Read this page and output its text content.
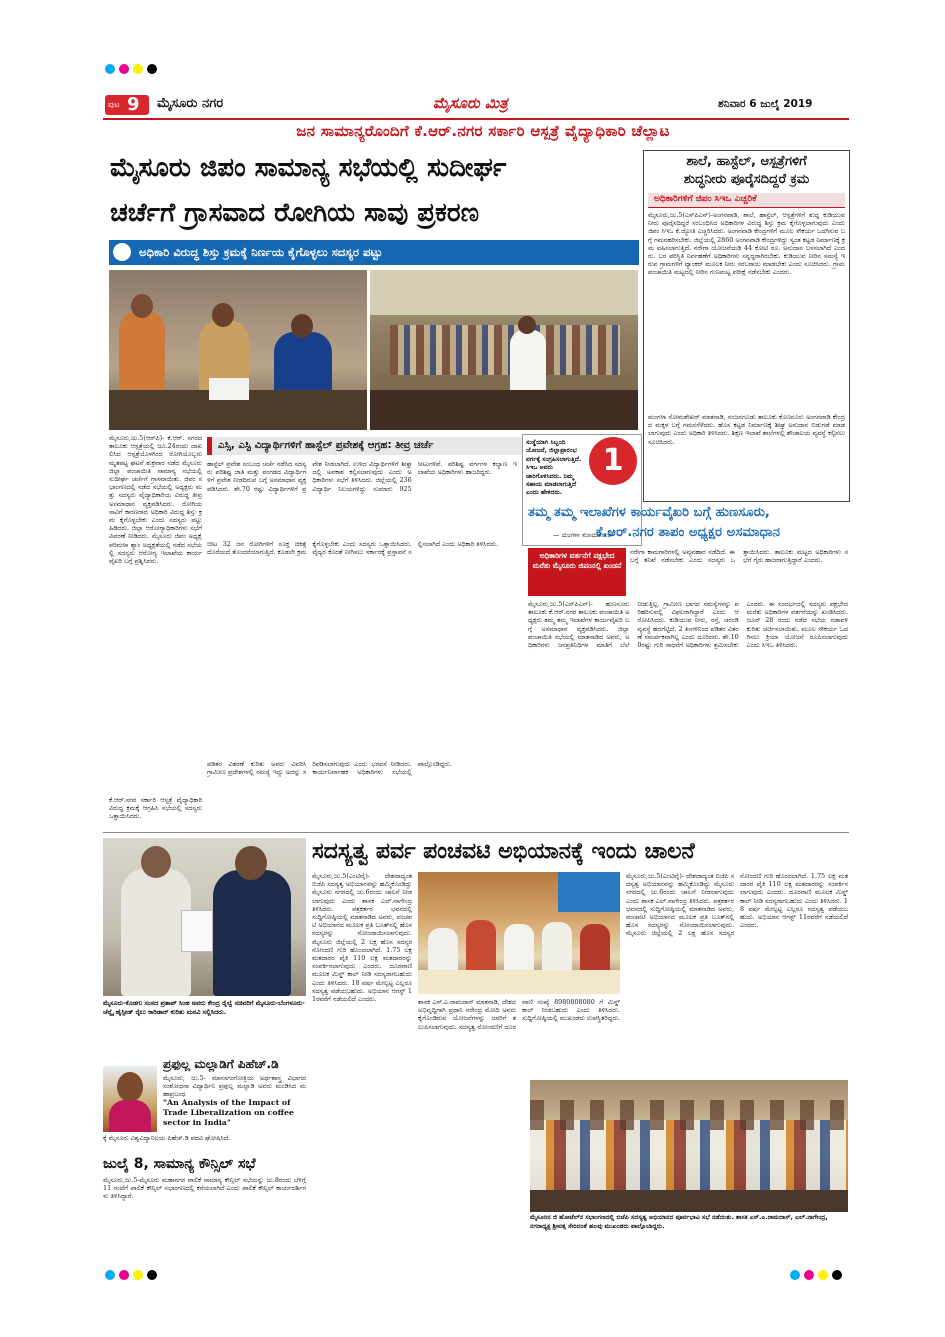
ಪುಟ 9 ಮೈಸೂರು ನಗರ	ಮೈಸೂರು ಮಿತ್ರ	ಶನಿವಾರ 6 ಜುಲೈ 2019
ಜನ ಸಾಮಾನ್ಯರೊಂದಿಗೆ ಕೆ.ಆರ್.ನಗರ ಸರ್ಕಾರಿ ಆಸ್ಪತ್ರೆ ವೈದ್ಯಾಧಿಕಾರಿ ಚೆಲ್ಲಾಟ
ಮೈಸೂರು ಜಿಪಂ ಸಾಮಾನ್ಯ ಸಭೆಯಲ್ಲಿ ಸುದೀರ್ಘ
ಚರ್ಚೆಗೆ ಗ್ರಾಸವಾದ ರೋಗಿಯ ಸಾವು ಪ್ರಕರಣ
ಅಧಿಕಾರಿ ವಿರುದ್ಧ ಶಿಸ್ತು ಕ್ರಮಕ್ಕೆ ನಿರ್ಣಯ ಕೈಗೊಳ್ಳಲು ಸದಸ್ಯರ ಪಟ್ಟು
ಮೈಸೂರು,ಜು.5(ಆರ್‌ಪಿ)- ಕೆ.ಆರ್. ನಗರದ ತಾಲೂಕು ಆಸ್ಪತ್ರೆಯಲ್ಲಿ ಜೂ.24ರಂದು ದಾಖಲಿಸಿದ ಆಸ್ಪತ್ರೆಯೊಳಗಿಂದ ರೋಗಿಯೊಬ್ಬರು ಮೃತಪಟ್ಟ ಘಟನೆ ಶುಕ್ರವಾರ ನಡೆದ ಮೈಸೂರು ಜಿಲ್ಲಾ ಪಂಚಾಯಿತಿ ಸಾಮಾನ್ಯ ಸಭೆಯಲ್ಲಿ ಸುದೀರ್ಘ ಚರ್ಚೆಗೆ ಗ್ರಾಸವಾಯಿತು. ಜಿಪಂ ಸಭಾಂಗಣದಲ್ಲಿ ನಡೆದ ಸಭೆಯಲ್ಲಿ ಅಧ್ಯಕ್ಷರು ಮತ್ತು ಸದಸ್ಯರು ವೈದ್ಯಾಧಿಕಾರಿಯ ವಿರುದ್ಧ ತೀವ್ರ ಅಸಮಾಧಾನ ವ್ಯಕ್ತಪಡಿಸಿದರು. ರೋಗಿಯ ಸಾವಿಗೆ ಕಾರಣರಾದ ಅಧಿಕಾರಿ ವಿರುದ್ಧ ಶಿಸ್ತು ಕ್ರಮ ಕೈಗೊಳ್ಳಬೇಕು ಎಂದು ಸದಸ್ಯರು ಪಟ್ಟು ಹಿಡಿದರು. ಜಿಲ್ಲಾ ಆರೋಗ್ಯಾಧಿಕಾರಿಗಳು ಸಭೆಗೆ ವಿವರಣೆ ನೀಡಿದರು. ಮೈಸೂರು ಜಿಪಂ ಅಧ್ಯಕ್ಷೆ ಪರಿಮಳಾ ಶ್ಯಾಂ ಅಧ್ಯಕ್ಷತೆಯಲ್ಲಿ ನಡೆದ ಸಭೆಯಲ್ಲಿ ಸದಸ್ಯರು ಆರೋಗ್ಯ ಇಲಾಖೆಯ ಕಾರ್ಯವೈಖರಿ ಬಗ್ಗೆ ಪ್ರಶ್ನಿಸಿದರು.
ಕೆ.ಆರ್.ನಗರ ಸರ್ಕಾರಿ ಆಸ್ಪತ್ರೆ ವೈದ್ಯಾಧಿಕಾರಿ ವಿರುದ್ಧ ಕ್ರಮಕ್ಕೆ ಆಗ್ರಹಿಸಿ ಸಭೆಯಲ್ಲಿ ಸದಸ್ಯರು ಒತ್ತಾಯಿಸಿದರು.
ಎಸ್ಸಿ, ಎಸ್ಟಿ ವಿದ್ಯಾರ್ಥಿಗಳಿಗೆ ಹಾಸ್ಟೆಲ್ ಪ್ರವೇಶಕ್ಕೆ ಆಗ್ರಹ: ತೀವ್ರ ಚರ್ಚೆ
ಹಾಸ್ಟೆಲ್ ಪ್ರವೇಶ ಸಂಬಂಧ ಚರ್ಚೆ ನಡೆಸಿದ ಸದಸ್ಯರು ಪರಿಶಿಷ್ಟ ಜಾತಿ ಮತ್ತು ಪಂಗಡದ ವಿದ್ಯಾರ್ಥಿಗಳಿಗೆ ಪ್ರವೇಶ ನೀಡದಿರುವ ಬಗ್ಗೆ ಅಸಮಾಧಾನ ವ್ಯಕ್ತಪಡಿಸಿದರು. ಶೇ.70 ರಷ್ಟು ವಿದ್ಯಾರ್ಥಿಗಳಿಗೆ ಪ್ರವೇಶ ನೀಡಲಾಗಿದೆ. ಉಳಿದ ವಿದ್ಯಾರ್ಥಿಗಳಿಗೆ ಶೀಘ್ರದಲ್ಲಿ ಅವಕಾಶ ಕಲ್ಪಿಸಲಾಗುವುದು ಎಂದು ಅಧಿಕಾರಿಗಳು ಸಭೆಗೆ ತಿಳಿಸಿದರು. ಜಿಲ್ಲೆಯಲ್ಲಿ 236 ವಿದ್ಯಾರ್ಥಿ ನಿಲಯಗಳಿದ್ದು ಸುಮಾರು 925 ಸೀಟುಗಳಿವೆ. ಪರಿಶಿಷ್ಟ ವರ್ಗಗಳ ಕಲ್ಯಾಣ ಇಲಾಖೆಯ ಅಧಿಕಾರಿಗಳು ಹಾಜರಿದ್ದರು.
ಬೀಟ 32 ಜನ ರೋಗಿಗಳಿಗೆ ಸೂಕ್ತ ಚಿಕಿತ್ಸೆ ದೊರೆಯದೆ ತೊಂದರೆಯಾಗುತ್ತಿದೆ. ಕೂಡಲೇ ಕ್ರಮ ಕೈಗೊಳ್ಳಬೇಕು ಎಂದು ಸದಸ್ಯರು ಒತ್ತಾಯಿಸಿದರು. ವೈದ್ಯರ ಕೊರತೆ ನೀಗಿಸಲು ಸರ್ಕಾರಕ್ಕೆ ಪ್ರಸ್ತಾವನೆ ಸಲ್ಲಿಸಲಾಗಿದೆ ಎಂದು ಅಧಿಕಾರಿ ತಿಳಿಸಿದರು.
ಪಡಿತರ ವಿತರಣೆ ಕುರಿತು ಅವರು ವಿವರಿಸಿ ಗ್ರಾಮೀಣ ಪ್ರದೇಶಗಳಲ್ಲಿ ಸಮಸ್ಯೆ ಇದ್ದು ಅದನ್ನು ಸರಿಪಡಿಸಲಾಗುವುದು ಎಂದು ಭರವಸೆ ನೀಡಿದರು. ಕಾರ್ಯನಿರ್ವಾಹಕ ಅಧಿಕಾರಿಗಳು ಸಭೆಯಲ್ಲಿ ಪಾಲ್ಗೊಂಡಿದ್ದರು.
1
ಸಂಸ್ಥೆಯಾಗಿ ಸಿಬ್ಬಂದಿ ಯೋಜನೆ, ಜಿಲ್ಲಾಪ್ರಾರಂಭ ವರ್ಗಕ್ಕೆ ಸಂಗ್ರಹಿಸಲಾಗುತ್ತಿದೆ. ಸಿಇಒ ಅವರು ಜಾರಿಗೊಳಿಸಿದರು. ನಿಮ್ಮ ಸಹಾಯ ಮಾಡಲಾಗುತ್ತಿದೆ ಎಂದು ಹೇಳಿದರು.
— ಮಂಗಳಾ ಸೋಮಶೇಖರ್
ಶಾಲೆ, ಹಾಸ್ಟೆಲ್, ಆಸ್ಪತ್ರೆಗಳಿಗೆ
ಶುದ್ಧನೀರು ಪೂರೈಸದಿದ್ದರೆ ಕ್ರಮ
ಅಧಿಕಾರಿಗಳಿಗೆ ಜಿಪಂ ಸಿಇಒ ಎಚ್ಚರಿಕೆ
ಮೈಸೂರು,ಜು.5(ಎಸ್‌ಪಿಎನ್)-ಅಂಗನವಾಡಿ, ಶಾಲೆ, ಹಾಸ್ಟೆಲ್, ಆಸ್ಪತ್ರೆಗಳಿಗೆ ಶುದ್ಧ ಕುಡಿಯುವ ನೀರು ಪೂರೈಸದಿದ್ದರೆ ಸಂಬಂಧಿಸಿದ ಅಧಿಕಾರಿಗಳ ವಿರುದ್ಧ ಶಿಸ್ತು ಕ್ರಮ ಕೈಗೊಳ್ಳಲಾಗುವುದು ಎಂದು ಜಿಪಂ ಸಿಇಒ ಕೆ.ಜ್ಯೋತಿ ಎಚ್ಚರಿಸಿದರು. ಅಂಗನವಾಡಿ ಕೇಂದ್ರಗಳಿಗೆ ಮೂಲ ಸೌಕರ್ಯ ಒದಗಿಸುವ ಬಗ್ಗೆ ಗಮನಹರಿಸಬೇಕು. ಜಿಲ್ಲೆಯಲ್ಲಿ 2860 ಅಂಗನವಾಡಿ ಕೇಂದ್ರಗಳಿದ್ದು ಸ್ವಂತ ಕಟ್ಟಡ ನಿರ್ಮಾಣಕ್ಕೆ ಕ್ರಮ ವಹಿಸಲಾಗುತ್ತಿದೆ. ನರೇಗಾ ಯೋಜನೆಯಡಿ 44 ಕೋಟಿ ರೂ. ಅನುದಾನ ಬಳಸಲಾಗಿದೆ ಎಂದರು. ಬರ ಪರಿಸ್ಥಿತಿ ನಿರ್ವಹಣೆಗೆ ಅಧಿಕಾರಿಗಳು ಸನ್ನದ್ಧರಾಗಿರಬೇಕು. ಕುಡಿಯುವ ನೀರಿನ ಸಮಸ್ಯೆ ಇರುವ ಗ್ರಾಮಗಳಿಗೆ ಟ್ಯಾಂಕರ್ ಮೂಲಕ ನೀರು ಸರಬರಾಜು ಮಾಡಬೇಕು ಎಂದು ಸೂಚಿಸಿದರು. ಗ್ರಾಮ ಪಂಚಾಯಿತಿ ಮಟ್ಟದಲ್ಲಿ ನೀರಿನ ಗುಣಮಟ್ಟ ಪರೀಕ್ಷೆ ನಡೆಸಬೇಕು ಎಂದರು.
ಮಂಗಳಾ ಸೋಮಶೇಖರ್ ಮಾತನಾಡಿ, ನಂಜನಗೂಡು ತಾಲೂಕು ಕೊಣನೂರು ಅಂಗನವಾಡಿ ಕೇಂದ್ರದ ಮಕ್ಕಳ ಬಗ್ಗೆ ಗಮನಸೆಳೆದರು. ಹೊಸ ಕಟ್ಟಡ ನಿರ್ಮಾಣಕ್ಕೆ ಶೀಘ್ರ ಅನುದಾನ ಬಿಡುಗಡೆ ಮಾಡಲಾಗುವುದು ಎಂದು ಅಧಿಕಾರಿ ತಿಳಿಸಿದರು. ಶಿಕ್ಷಣ ಇಲಾಖೆ ಶಾಲೆಗಳಲ್ಲಿ ಶೌಚಾಲಯ ವ್ಯವಸ್ಥೆ ಕಲ್ಪಿಸಲು ಸೂಚಿಸಿದರು.
ತಮ್ಮ ತಮ್ಮ ಇಲಾಖೆಗಳ ಕಾರ್ಯವೈಖರಿ ಬಗ್ಗೆ ಹುಣಸೂರು,
ಕೆ.ಆರ್.ನಗರ ತಾಪಂ ಅಧ್ಯಕ್ಷರ ಅಸಮಾಧಾನ
ಅಧಿಕಾರಿಗಳ ವರ್ತನೆಗೆ ಪಕ್ಷಭೇದ ಮರೆತು ಮೈಸೂರು ಜಿಪಂನಲ್ಲಿ ಖಂಡನೆ
ಮೈಸೂರು,ಜು.5(ಎಸ್‌ಪಿಎನ್)- ಹುಣಸೂರು ತಾಲೂಕು ಕೆ.ಆರ್.ನಗರ ತಾಲೂಕು ಪಂಚಾಯಿತಿ ಅಧ್ಯಕ್ಷರು ತಮ್ಮ ತಮ್ಮ ಇಲಾಖೆಗಳ ಕಾರ್ಯವೈಖರಿ ಬಗ್ಗೆ ಅಸಮಾಧಾನ ವ್ಯಕ್ತಪಡಿಸಿದರು. ಜಿಲ್ಲಾ ಪಂಚಾಯಿತಿ ಸಭೆಯಲ್ಲಿ ಮಾತನಾಡಿದ ಅವರು, ಅಧಿಕಾರಿಗಳು ಜನಪ್ರತಿನಿಧಿಗಳ ಮಾತಿಗೆ ಬೆಲೆ ನೀಡುತ್ತಿಲ್ಲ. ಗ್ರಾಮೀಣ ಭಾಗದ ಸಮಸ್ಯೆಗಳನ್ನು ಪರಿಹರಿಸುವಲ್ಲಿ ವಿಫಲರಾಗಿದ್ದಾರೆ ಎಂದು ಆರೋಪಿಸಿದರು. ಕುಡಿಯುವ ನೀರು, ರಸ್ತೆ, ಚರಂಡಿ ವ್ಯವಸ್ಥೆ ಹದಗೆಟ್ಟಿದೆ. 2 ತಿಂಗಳಿನಿಂದ ಪಡಿತರ ವಿತರಣೆ ಸಮರ್ಪಕವಾಗಿಲ್ಲ ಎಂದು ದೂರಿದರು. ಶೇ.100ರಷ್ಟು ಗುರಿ ಸಾಧನೆಗೆ ಅಧಿಕಾರಿಗಳು ಶ್ರಮಿಸಬೇಕು ಎಂದರು. ಈ ಸಂದರ್ಭದಲ್ಲಿ ಸದಸ್ಯರು ಪಕ್ಷಭೇದ ಮರೆತು ಅಧಿಕಾರಿಗಳ ವರ್ತನೆಯನ್ನು ಖಂಡಿಸಿದರು. ಜೂನ್ 28 ರಂದು ನಡೆದ ಸಭೆಯ ನಡಾವಳಿ ಕುರಿತು ಚರ್ಚಿಸಲಾಯಿತು. ಮೂಲ ಸೌಕರ್ಯ ಒದಗಿಸಲು ಕ್ರಿಯಾ ಯೋಜನೆ ರೂಪಿಸಲಾಗುವುದು ಎಂದು ಸಿಇಒ ತಿಳಿಸಿದರು.
ನರೇಗಾ ಕಾಮಗಾರಿಗಳಲ್ಲಿ ಅವ್ಯವಹಾರ ನಡೆದಿದೆ. ಈ ಬಗ್ಗೆ ತನಿಖೆ ನಡೆಸಬೇಕು ಎಂದು ಸದಸ್ಯರು ಒತ್ತಾಯಿಸಿದರು. ತಾಲೂಕು ಮಟ್ಟದ ಅಧಿಕಾರಿಗಳು ಸಭೆಗೆ ಗೈರು ಹಾಜರಾಗುತ್ತಿದ್ದಾರೆ ಎಂದರು.
ಮೈಸೂರು-ಕೊಡಗು ಸಂಸದ ಪ್ರತಾಪ್ ಸಿಂಹ ಅವರು ಕೇಂದ್ರ ರೈಲ್ವೆ ಸಚಿವರಿಗೆ ಮೈಸೂರು-ಬೆಂಗಳೂರು-ಚೆನ್ನೈ ಹೈಸ್ಪೀಡ್ ರೈಲು ಕಾರಿಡಾರ್ ಕುರಿತು ಮನವಿ ಸಲ್ಲಿಸಿದರು.
ಪ್ರಫುಲ್ಲ ಮಲ್ಲಾಡಿಗೆ ಪಿಹೆಚ್.ಡಿ
ಮೈಸೂರು, ಜು.5- ಮಾನಸಗಂಗೋತ್ರಿಯ ಅರ್ಥಶಾಸ್ತ್ರ ವಿಭಾಗದ ಸಂಶೋಧನಾ ವಿದ್ಯಾರ್ಥಿನಿ ಪ್ರಫುಲ್ಲ ಮಲ್ಲಾಡಿ ಅವರು ಮಂಡಿಸಿದ ಮಹಾಪ್ರಬಂಧ
"An Analysis of the Impact of Trade Liberalization on coffee sector in India"
ಕ್ಕೆ ಮೈಸೂರು ವಿಶ್ವವಿದ್ಯಾನಿಲಯ ಪಿಹೆಚ್.ಡಿ ಪದವಿ ಘೋಷಿಸಿದೆ.
ಜುಲೈ 8, ಸಾಮಾನ್ಯ ಕೌನ್ಸಿಲ್ ಸಭೆ
ಮೈಸೂರು,ಜು.5-ಮೈಸೂರು ಮಹಾನಗರ ಪಾಲಿಕೆ ಸಾಮಾನ್ಯ ಕೌನ್ಸಿಲ್ ಸಭೆಯನ್ನು ಜು.8ರಂದು ಬೆಳಿಗ್ಗೆ 11 ಗಂಟೆಗೆ ಪಾಲಿಕೆ ಕೌನ್ಸಿಲ್ ಸಭಾಂಗಣದಲ್ಲಿ ಕರೆಯಲಾಗಿದೆ ಎಂದು ಪಾಲಿಕೆ ಕೌನ್ಸಿಲ್ ಕಾರ್ಯದರ್ಶಿಗಳು ತಿಳಿಸಿದ್ದಾರೆ.
ಸದಸ್ಯತ್ವ ಪರ್ವ ಪಂಚವಟಿ ಅಭಿಯಾನಕ್ಕೆ ಇಂದು ಚಾಲನೆ
ಮೈಸೂರು,ಜು.5(ಎಂಟಿವೈ)- ದೇಶದಾದ್ಯಂತ ಬಿಜೆಪಿ ಸದಸ್ಯತ್ವ ಅಭಿಯಾನವನ್ನು ಹಮ್ಮಿಕೊಂಡಿದ್ದು ಮೈಸೂರು ನಗರದಲ್ಲಿ ಜು.6ರಂದು ಚಾಲನೆ ನೀಡಲಾಗುವುದು ಎಂದು ಶಾಸಕ ಎಲ್.ನಾಗೇಂದ್ರ ತಿಳಿಸಿದರು. ಪತ್ರಕರ್ತರ ಭವನದಲ್ಲಿ ಸುದ್ದಿಗೋಷ್ಠಿಯಲ್ಲಿ ಮಾತನಾಡಿದ ಅವರು, ಪಂಚವಟಿ ಅಭಿಯಾನದ ಮೂಲಕ ಪ್ರತಿ ಬೂತ್‌ನಲ್ಲಿ ಹೊಸ ಸದಸ್ಯರನ್ನು ನೋಂದಾಯಿಸಲಾಗುವುದು. ಮೈಸೂರು ಜಿಲ್ಲೆಯಲ್ಲಿ 2 ಲಕ್ಷ ಹೊಸ ಸದಸ್ಯರ ನೋಂದಣಿ ಗುರಿ ಹೊಂದಲಾಗಿದೆ. 1.75 ಲಕ್ಷ ಮತದಾರರ ಪೈಕಿ 110 ಲಕ್ಷ ಮತದಾರರನ್ನು ಸಂಪರ್ಕಿಸಲಾಗುವುದು ಎಂದರು. ದೂರವಾಣಿ ಮೂಲಕ ಮಿಸ್ಡ್ ಕಾಲ್ ನೀಡಿ ಸದಸ್ಯರಾಗಬಹುದು ಎಂದು ತಿಳಿಸಿದರು. 18 ವರ್ಷ ಮೇಲ್ಪಟ್ಟ ಎಲ್ಲರೂ ಸದಸ್ಯತ್ವ ಪಡೆಯಬಹುದು. ಅಭಿಯಾನ ಆಗಸ್ಟ್ 11ರವರೆಗೆ ನಡೆಯಲಿದೆ ಎಂದರು.	ಶಾಸಕ ಎಸ್.ಎ.ರಾಮದಾಸ್ ಮಾತನಾಡಿ, ದೇಶದ ಅಭಿವೃದ್ಧಿಗಾಗಿ ಪ್ರಧಾನಿ ನರೇಂದ್ರ ಮೋದಿ ಅವರು ಕೈಗೊಂಡಿರುವ ಯೋಜನೆಗಳನ್ನು ಜನರಿಗೆ ತಲುಪಿಸಲಾಗುವುದು. ಸದಸ್ಯತ್ವ ನೋಂದಣಿಗೆ ದೂರವಾಣಿ ಸಂಖ್ಯೆ 8980808080 ಗೆ ಮಿಸ್ಡ್ ಕಾಲ್ ನೀಡಬಹುದು ಎಂದು ತಿಳಿಸಿದರು. ಸುದ್ದಿಗೋಷ್ಠಿಯಲ್ಲಿ ಮುಖಂಡರು ಉಪಸ್ಥಿತರಿದ್ದರು.
ಮೈಸೂರು,ಜು.5(ಎಂಟಿವೈ)- ದೇಶದಾದ್ಯಂತ ಬಿಜೆಪಿ ಸದಸ್ಯತ್ವ ಅಭಿಯಾನವನ್ನು ಹಮ್ಮಿಕೊಂಡಿದ್ದು ಮೈಸೂರು ನಗರದಲ್ಲಿ ಜು.6ರಂದು ಚಾಲನೆ ನೀಡಲಾಗುವುದು ಎಂದು ಶಾಸಕ ಎಲ್.ನಾಗೇಂದ್ರ ತಿಳಿಸಿದರು. ಪತ್ರಕರ್ತರ ಭವನದಲ್ಲಿ ಸುದ್ದಿಗೋಷ್ಠಿಯಲ್ಲಿ ಮಾತನಾಡಿದ ಅವರು, ಪಂಚವಟಿ ಅಭಿಯಾನದ ಮೂಲಕ ಪ್ರತಿ ಬೂತ್‌ನಲ್ಲಿ ಹೊಸ ಸದಸ್ಯರನ್ನು ನೋಂದಾಯಿಸಲಾಗುವುದು. ಮೈಸೂರು ಜಿಲ್ಲೆಯಲ್ಲಿ 2 ಲಕ್ಷ ಹೊಸ ಸದಸ್ಯರ ನೋಂದಣಿ ಗುರಿ ಹೊಂದಲಾಗಿದೆ. 1.75 ಲಕ್ಷ ಮತದಾರರ ಪೈಕಿ 110 ಲಕ್ಷ ಮತದಾರರನ್ನು ಸಂಪರ್ಕಿಸಲಾಗುವುದು ಎಂದರು. ದೂರವಾಣಿ ಮೂಲಕ ಮಿಸ್ಡ್ ಕಾಲ್ ನೀಡಿ ಸದಸ್ಯರಾಗಬಹುದು ಎಂದು ತಿಳಿಸಿದರು. 18 ವರ್ಷ ಮೇಲ್ಪಟ್ಟ ಎಲ್ಲರೂ ಸದಸ್ಯತ್ವ ಪಡೆಯಬಹುದು. ಅಭಿಯಾನ ಆಗಸ್ಟ್ 11ರವರೆಗೆ ನಡೆಯಲಿದೆ ಎಂದರು.
ಮೈಸೂರಿನ ಜಿ ಹೋಟೆಲ್‌ನ ಸಭಾಂಗಣದಲ್ಲಿ ಬಿಜೆಪಿ ಸದಸ್ಯತ್ವ ಅಭಿಯಾನದ ಪೂರ್ವಭಾವಿ ಸಭೆ ನಡೆಯಿತು. ಶಾಸಕ ಎಸ್.ಎ.ರಾಮದಾಸ್, ಎಲ್.ನಾಗೇಂದ್ರ, ನಗರಾಧ್ಯಕ್ಷ ಶ್ರೀವತ್ಸ ಸೇರಿದಂತೆ ಹಲವು ಮುಖಂಡರು ಪಾಲ್ಗೊಂಡಿದ್ದರು.
